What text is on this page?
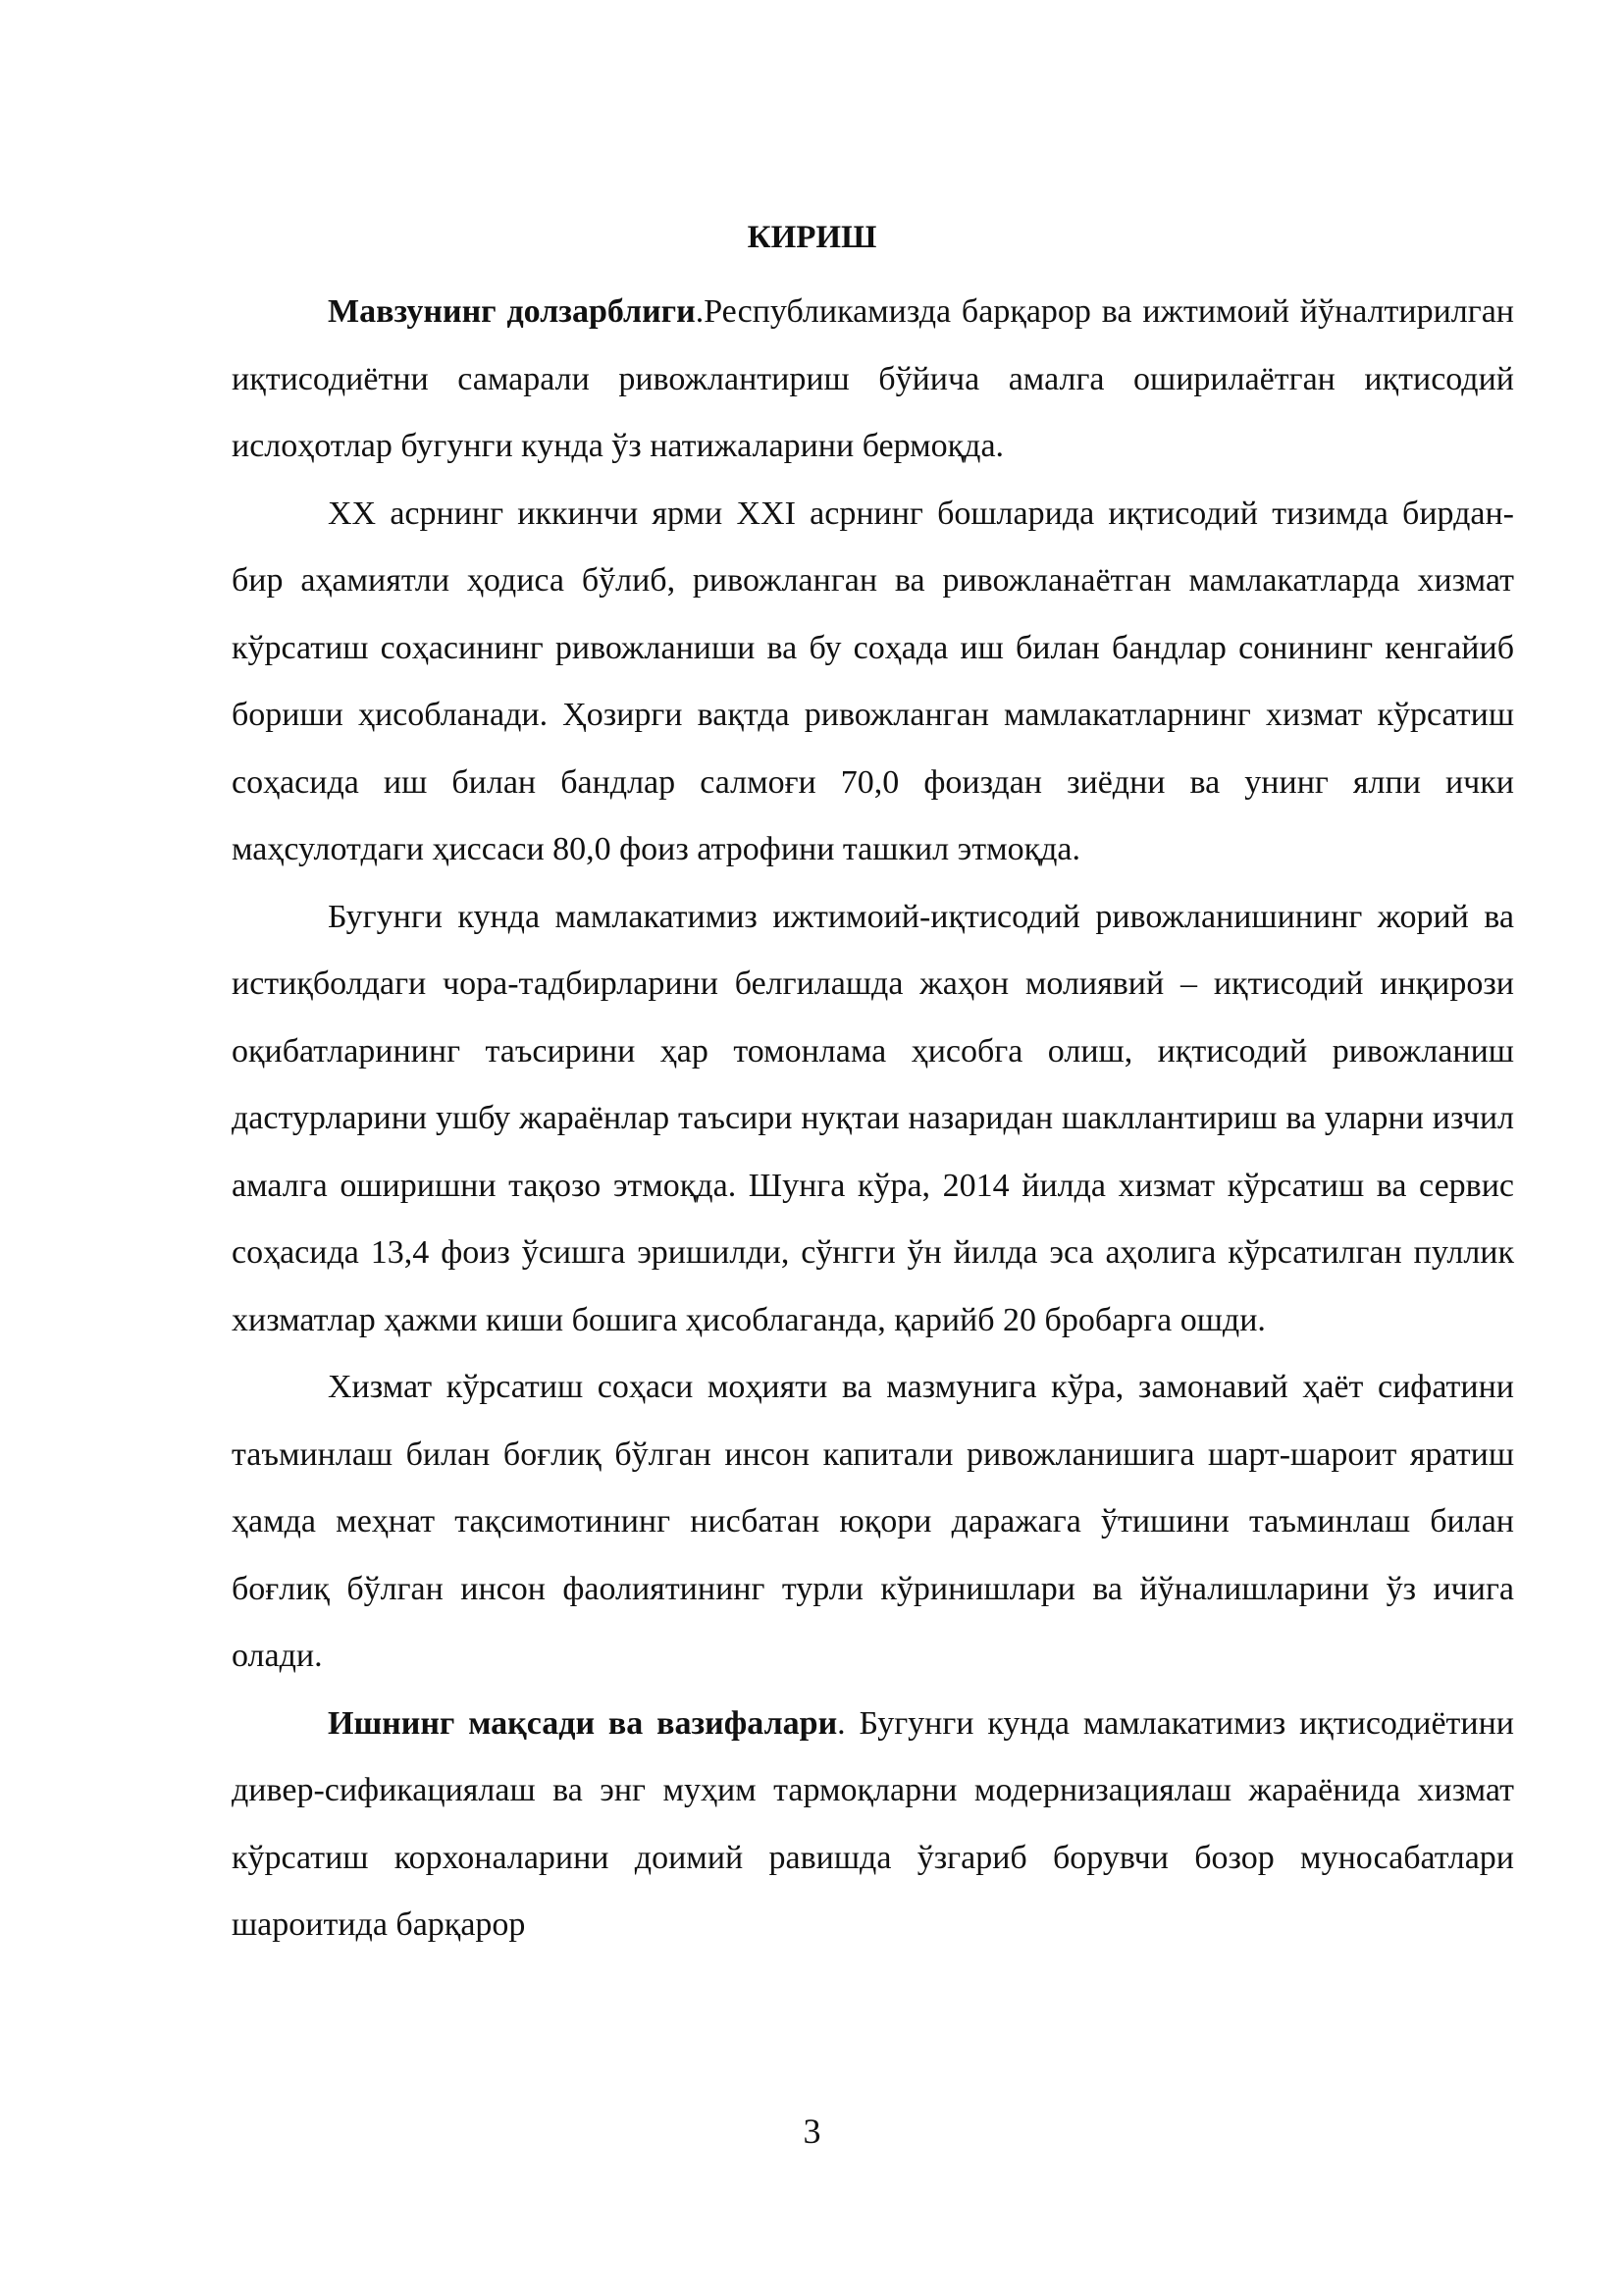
КИРИШ

Мавзунинг долзарблиги.Республикамизда барқарор ва ижтимоий йўналтирилган иқтисодиётни самарали ривожлантириш бўйича амалга оширилаётган иқтисодий ислоҳотлар бугунги кунда ўз натижаларини бермоқда.

XX асрнинг иккинчи ярми XXI асрнинг бошларида иқтисодий тизимда бирдан-бир аҳамиятли ҳодиса бўлиб, ривожланган ва ривожланаётган мамлакатларда хизмат кўрсатиш соҳасининг ривожланиши ва бу соҳада иш билан бандлар сонининг кенгайиб бориши ҳисобланади. Ҳозирги вақтда ривожланган мамлакатларнинг хизмат кўрсатиш соҳасида иш билан бандлар салмоғи 70,0 фоиздан зиёдни ва унинг ялпи ички маҳсулотдаги ҳиссаси 80,0 фоиз атрофини ташкил этмоқда.

Бугунги кунда мамлакатимиз ижтимоий-иқтисодий ривожланишининг жорий ва истиқболдаги чора-тадбирларини белгилашда жаҳон молиявий – иқтисодий инқирози оқибатларининг таъсирини ҳар томонлама ҳисобга олиш, иқтисодий ривожланиш дастурларини ушбу жараёнлар таъсири нуқтаи назаридан шакллантириш ва уларни изчил амалга оширишни тақозо этмоқда. Шунга кўра, 2014 йилда хизмат кўрсатиш ва сервис соҳасида 13,4 фоиз ўсишга эришилди, сўнгги ўн йилда эса аҳолига кўрсатилган пуллик хизматлар ҳажми киши бошига ҳисоблаганда, қарийб 20 бробарга ошди.

Хизмат кўрсатиш соҳаси моҳияти ва мазмунига кўра, замонавий ҳаёт сифатини таъминлаш билан боғлиқ бўлган инсон капитали ривожланишига шарт-шароит яратиш ҳамда меҳнат тақсимотининг нисбатан юқори даражага ўтишини таъминлаш билан боғлиқ бўлган инсон фаолиятининг турли кўринишлари ва йўналишларини ўз ичига олади.

Ишнинг мақсади ва вазифалари. Бугунги кунда мамлакатимиз иқтисодиётини дивер-сификациялаш ва энг муҳим тармоқларни модернизациялаш жараёнида хизмат кўрсатиш корхоналарини доимий равишда ўзгариб борувчи бозор муносабатлари шароитида барқарор

3
